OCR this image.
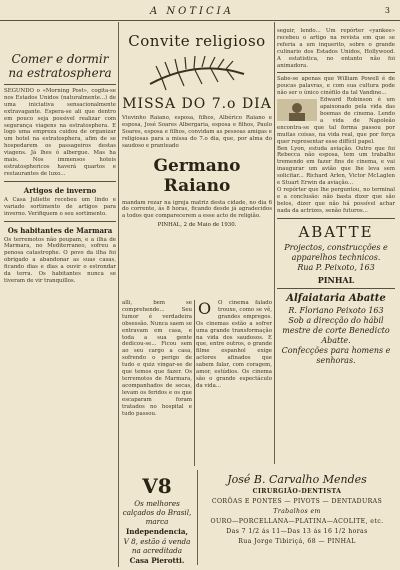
A NOTICIA	3
Comer e dormir na estratosphera

SEGUNDO o «Morning Post», cogita-se nos Estados Unidos (naturalmente...) de uma iniciativa sensacionalmente extravagante. Espera-se ali que dentro em pouco seja possivel realizar com segurança viagens na estratosphera. E logo uma empreza cuidou de organizar um hotel na estratosphera, afim de se hospedarem os passageiros destas viagens. Já lhes ó albergue. Mas ha mais. Nos immensos hoteis estratosphericos haverá quartos e restaurantes de luxo...

Artigos de inverno

A Casa Juliette recebeu um lindo e variado sortimento de artigos para inverno. Verifiquem o seu sortimento.

Os habitantes de Marmara

Os terremotos não poupam, e a ilha de Marmara, no Mediterraneo, sofreu a penosa catastrophe. O povo da ilha foi obrigado a abandonar as suas casas, ficando dias e dias a ouvir o estrondar da terra. Os habitantes nunca se tiveram de vir tranquillos.

Convite religioso
MISSA DO 7.o DIA

Viuvinho Raiano, esposa, filhos, Albérico Raiano e esposa, José Soares Albergaria, esposa e filhos, Paulo Soares, esposa e filhos, convidam as pessoas amigas e religiosas para a missa do 7.o dia, que, por alma do saudoso e pranteado

Germano Raiano

mandam rezar na igreja matriz desta cidade, no dia 6 do corrente, ás 8 horas, ficando desde já agradecidos a todos que comparecerem a esse acto de religião.

PINHAL, 2 de Maio de 1930.

alli, bem se comprehende... Seu tumor é verdadeira obsessão. Nunca saem se entravam em casa, e toda a sua gente dedicou-se... Ficou sem ao seu cargo a casa, sofrendo o perigo de tudo e quiz vingar-se de que temos que fazer. Os terremotos de Marmara, acompanhados de secas, levam os feridos e os que escaparam foram tratados no hospital e tudo passou.

O	O cinema falado trouxe, como se vê, grandes empregos. Os cinemas estão a sofrer uma grande transformação na vida dos saudosos. E que, entre outros, o grande filme espanhol exige actores afinados que sabem falar, com coragem, amor, estúdios. Os cinema são o grande espectáculo da vida...

seguir, lendo... Um repórter «yankee» recebeu o artigo na revista em que se referia a um inquerito, sobre o grande culinario dos Estados Unidos, Hollywood. A estatistica, no entanto não foi animadora.

Sabe-se apenas que William Powell é de poucas palavras, e com sua cultura pode não ser o único cinéfilo da tal Vandine...

Edward Robinson é um apaixonado pela vida das boemas de cinema. Lendo a vida de Napoleão encontra-se que tal forma passou por muitas coisas, na vida real, que por força quer representar esse diffícil papel.

Ben Lyon, estuda aviação. Outro que foi Rebecca não esposa, tem um trabalho tremendo em fazer fins de cinema, e vai inaugurar um avião que lhe leva sem solicitar... Richard Arlen, Victor McLaglen e Stuart Erwin da aviação...

O repórter que lhe perguntou, no terminal e a conclusão: não basta dizer que são belos, dizer que não há possível achar nada da actrizes, senão futuros...

ABATTE

Projectos, construcções e apparelhos technicos.

Rua P. Peixoto, 163

PINHAL
Alfaiataria Abatte

R. Floriano Peixoto 163

Sob a direcção do hábil mestre de corte Benedicto Abatte.

Confecções para homens e senhoras.

V8

Os melhores calçados do Brasil, marca

Independencia,

V 8, estão á venda na acreditada

Casa Pierotti.

José B. Carvalho Mendes
CIRURGIÃO-DENTISTA
CORÔAS E PONTES — PIVOTS — DENTADURAS
Trabalhos em
OURO—PORCELLANA—PLATINA—ACOLITE, etc.
Das 7 1/2 ás 11—Das 13 ás 16 1/2 horas
Rua Jorge Tibiriçá, 68 — PINHAL
